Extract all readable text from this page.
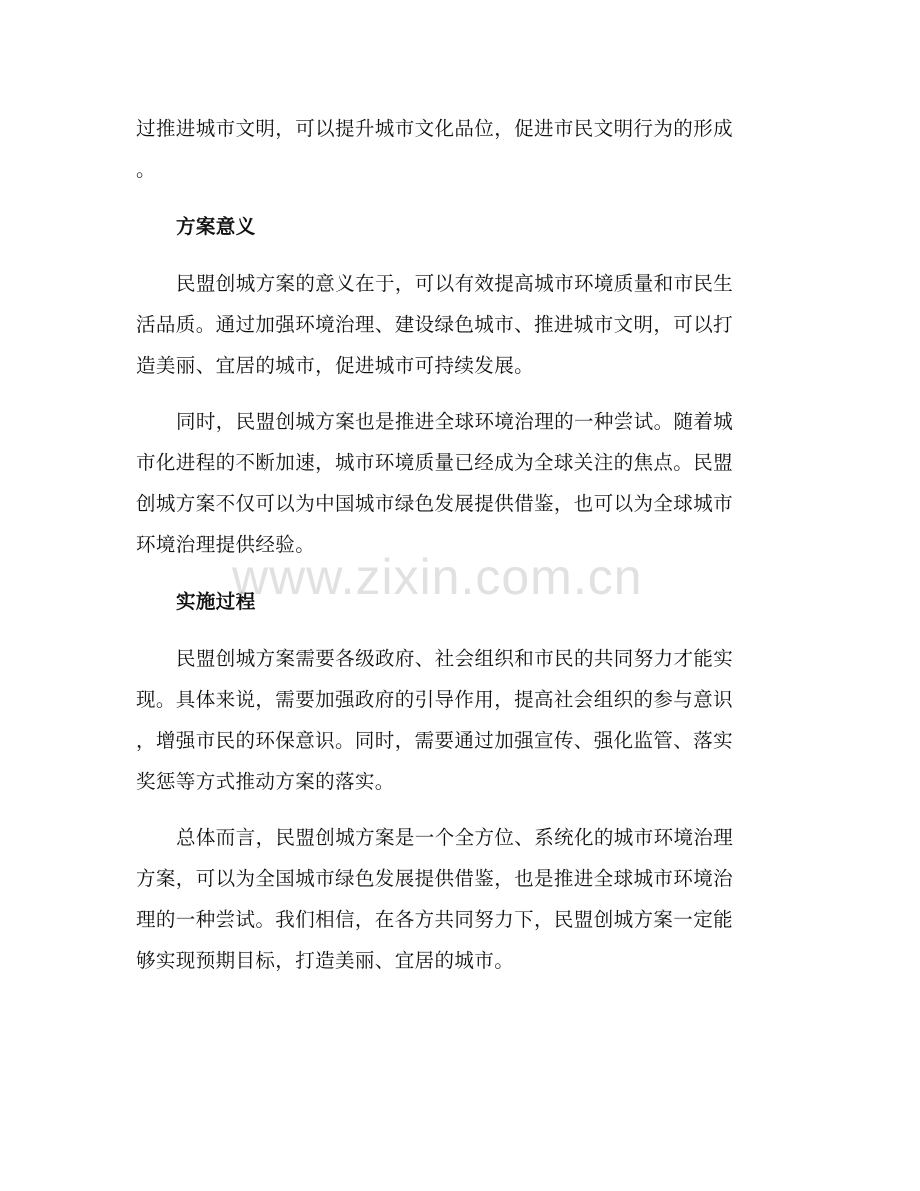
过推进城市文明，可以提升城市文化品位，促进市民文明行为的形成
。
方案意义
民盟创城方案的意义在于，可以有效提高城市环境质量和市民生
活品质。通过加强环境治理、建设绿色城市、推进城市文明，可以打
造美丽、宜居的城市，促进城市可持续发展。
同时，民盟创城方案也是推进全球环境治理的一种尝试。随着城
市化进程的不断加速，城市环境质量已经成为全球关注的焦点。民盟
创城方案不仅可以为中国城市绿色发展提供借鉴，也可以为全球城市
环境治理提供经验。
实施过程
民盟创城方案需要各级政府、社会组织和市民的共同努力才能实
现。具体来说，需要加强政府的引导作用，提高社会组织的参与意识
，增强市民的环保意识。同时，需要通过加强宣传、强化监管、落实
奖惩等方式推动方案的落实。
总体而言，民盟创城方案是一个全方位、系统化的城市环境治理
方案，可以为全国城市绿色发展提供借鉴，也是推进全球城市环境治
理的一种尝试。我们相信，在各方共同努力下，民盟创城方案一定能
够实现预期目标，打造美丽、宜居的城市。
www.zixin.com.cn
